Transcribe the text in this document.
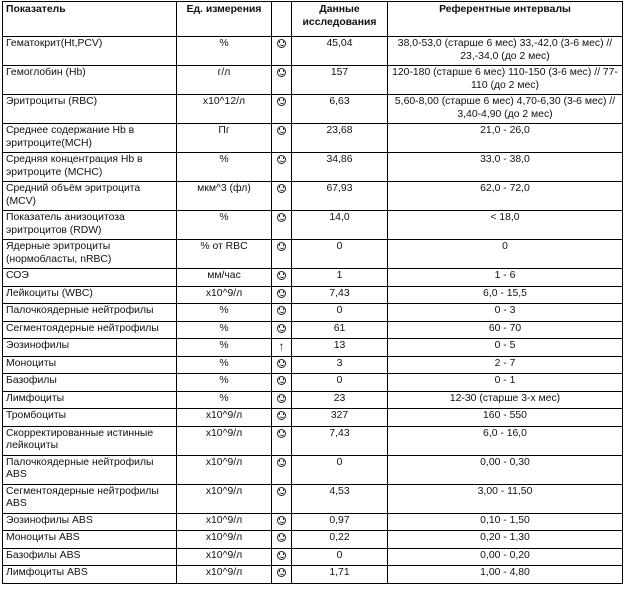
Показатель	Ед. измерения		Данные исследования	Референтные интервалы
Гематокрит(Ht,PCV)	%		45,04	38,0-53,0 (старше 6 мес) 33,-42,0 (3-6 мес) // 23,-34,0 (до 2 мес)
Гемоглобин (Hb)	г/л		157	120-180 (старше 6 мес) 110-150 (3-6 мес) // 77-110 (до 2 мес)
Эритроциты (RBC)	x10^12/л		6,63	5,60-8,00 (старше 6 мес) 4,70-6,30 (3-6 мес) // 3,40-4,90 (до 2 мес)
Среднее содержание Hb в эритроците(MCH)	Пг		23,68	21,0 - 26,0
Средняя концентрация Hb в эритроците (MCHC)	%		34,86	33,0 - 38,0
Средний объём эритроцита (MCV)	мкм^3 (фл)		67,93	62,0 - 72,0
Показатель анизоцитоза эритроцитов (RDW)	%		14,0	< 18,0
Ядерные эритроциты (нормобласты, nRBC)	% от RBC		0	0
СОЭ	мм/час		1	1 - 6
Лейкоциты (WBC)	x10^9/л		7,43	6,0 - 15,5
Палочкоядерные нейтрофилы	%		0	0 - 3
Сегментоядерные нейтрофилы	%		61	60 - 70
Эозинофилы	%	↑	13	0 - 5
Моноциты	%		3	2 - 7
Базофилы	%		0	0 - 1
Лимфоциты	%		23	12-30 (старше 3-х мес)
Тромбоциты	x10^9/л		327	160 - 550
Скорректированные истинные лейкоциты	x10^9/л		7,43	6,0 - 16,0
Палочкоядерные нейтрофилы ABS	x10^9/л		0	0,00 - 0,30
Сегментоядерные нейтрофилы ABS	x10^9/л		4,53	3,00 - 11,50
Эозинофилы ABS	x10^9/л		0,97	0,10 - 1,50
Моноциты ABS	x10^9/л		0,22	0,20 - 1,30
Базофилы ABS	x10^9/л		0	0,00 - 0,20
Лимфоциты ABS	x10^9/л		1,71	1,00 - 4,80
